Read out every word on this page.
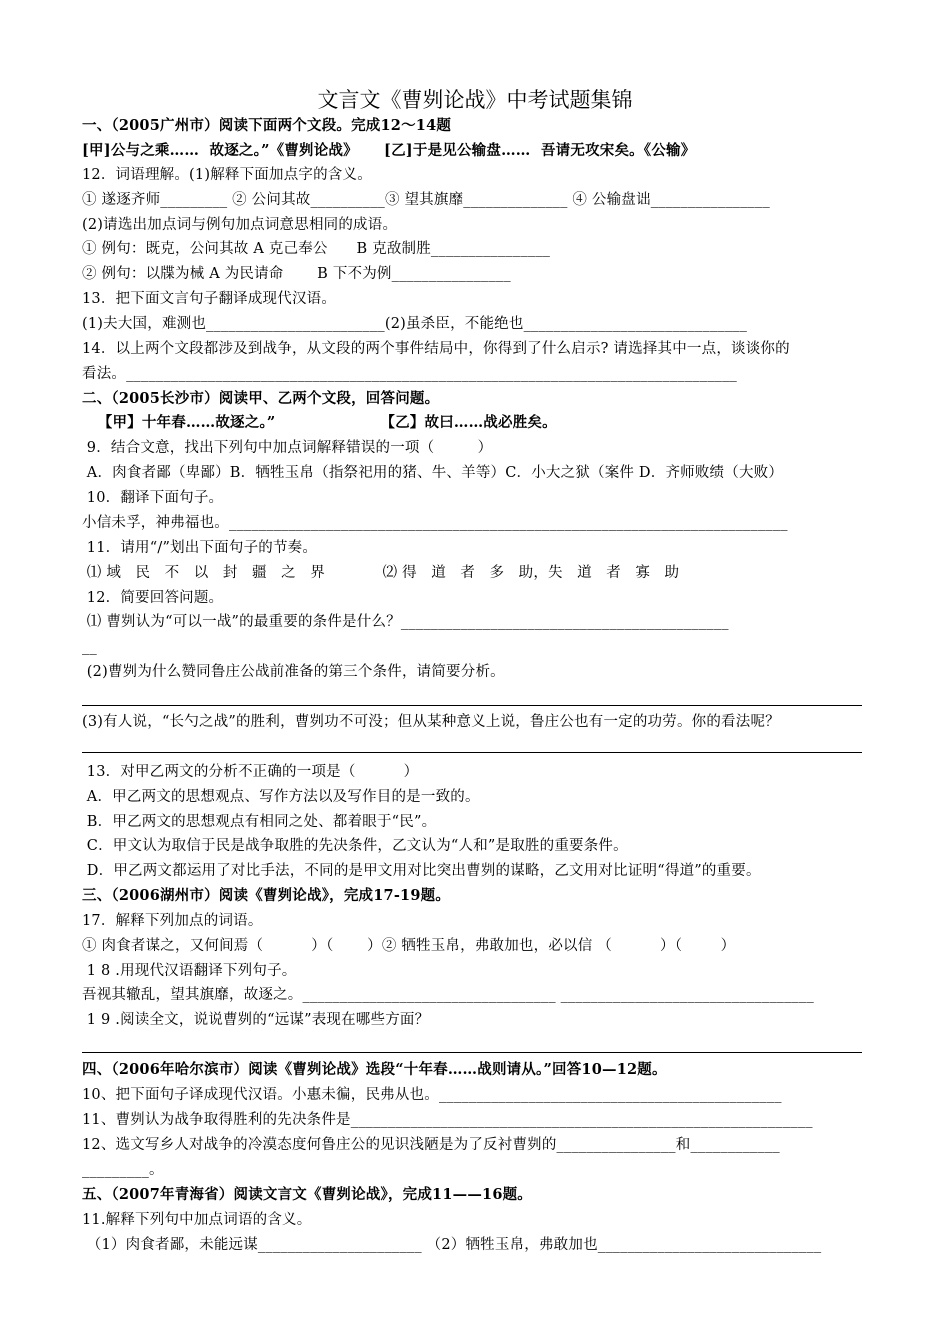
文言文《曹刿论战》中考试题集锦
一、（2005广州市）阅读下面两个文段。完成12～14题
[甲]公与之乘……  故逐之。”《曹刿论战》     [乙]于是见公输盘……  吾请无攻宋矣。《公输》
12．词语理解。(1)解释下面加点字的含义。
① 遂逐齐师_________ ② 公问其故__________③ 望其旗靡______________ ④ 公输盘诎________________
(2)请选出加点词与例句加点词意思相同的成语。
① 例句：既克，公问其故 A 克己奉公      B 克敌制胜________________
② 例句：以牒为械 A 为民请命       B 下不为例________________
13．把下面文言句子翻译成现代汉语。
(1)夫大国，难测也________________________(2)虽杀臣，不能绝也______________________________
14．以上两个文段都涉及到战争，从文段的两个事件结局中，你得到了什么启示? 请选择其中一点，谈谈你的
看法。__________________________________________________________________________________
二、（2005长沙市）阅读甲、乙两个文段，回答问题。
【甲】十年春……故逐之。”                    【乙】故曰……战必胜矣。
9．结合文意，找出下列句中加点词解释错误的一项（         ）
A．肉食者鄙（卑鄙）B．牺牲玉帛（指祭祀用的猪、牛、羊等）C．小大之狱（案件 D．齐师败绩（大败）
10．翻译下面句子。
小信未孚，神弗福也。___________________________________________________________________________
11．请用“/”划出下面句子的节奏。
⑴ 域   民   不   以   封   疆   之   界            ⑵ 得   道   者   多   助，失   道   者   寡   助
12．简要回答问题。
⑴ 曹刿认为“可以一战”的最重要的条件是什么？____________________________________________
__
(2)曹刿为什么赞同鲁庄公战前准备的第三个条件，请简要分析。
(3)有人说，“长勺之战”的胜利，曹刿功不可没；但从某种意义上说，鲁庄公也有一定的功劳。你的看法呢？
13．对甲乙两文的分析不正确的一项是（          ）
A．甲乙两文的思想观点、写作方法以及写作目的是一致的。
B．甲乙两文的思想观点有相同之处、都着眼于“民”。
C．甲文认为取信于民是战争取胜的先决条件，乙文认为“人和”是取胜的重要条件。
D．甲乙两文都运用了对比手法，不同的是甲文用对比突出曹刿的谋略，乙文用对比证明“得道”的重要。
三、（2006湖州市）阅读《曹刿论战》，完成17-19题。
17．解释下列加点的词语。
① 肉食者谋之，又何间焉（          ）（       ）② 牺牲玉帛，弗敢加也，必以信 （          ）（        ）
1 8 .用现代汉语翻译下列句子。
吾视其辙乱，望其旗靡，故逐之。__________________________________ __________________________________
1 9 .阅读全文，说说曹刿的“远谋”表现在哪些方面？
四、（2006年哈尔滨市）阅读《曹刿论战》选段“十年春……战则请从。”回答10—12题。
10、把下面句子译成现代汉语。小惠未徧，民弗从也。______________________________________________
11、曹刿认为战争取得胜利的先决条件是______________________________________________________________
12、选文写乡人对战争的冷漠态度何鲁庄公的见识浅陋是为了反衬曹刿的________________和____________
_________。
五、（2007年青海省）阅读文言文《曹刿论战》，完成11——16题。
11.解释下列句中加点词语的含义。
（1）肉食者鄙，未能远谋______________________ （2）牺牲玉帛，弗敢加也______________________________
